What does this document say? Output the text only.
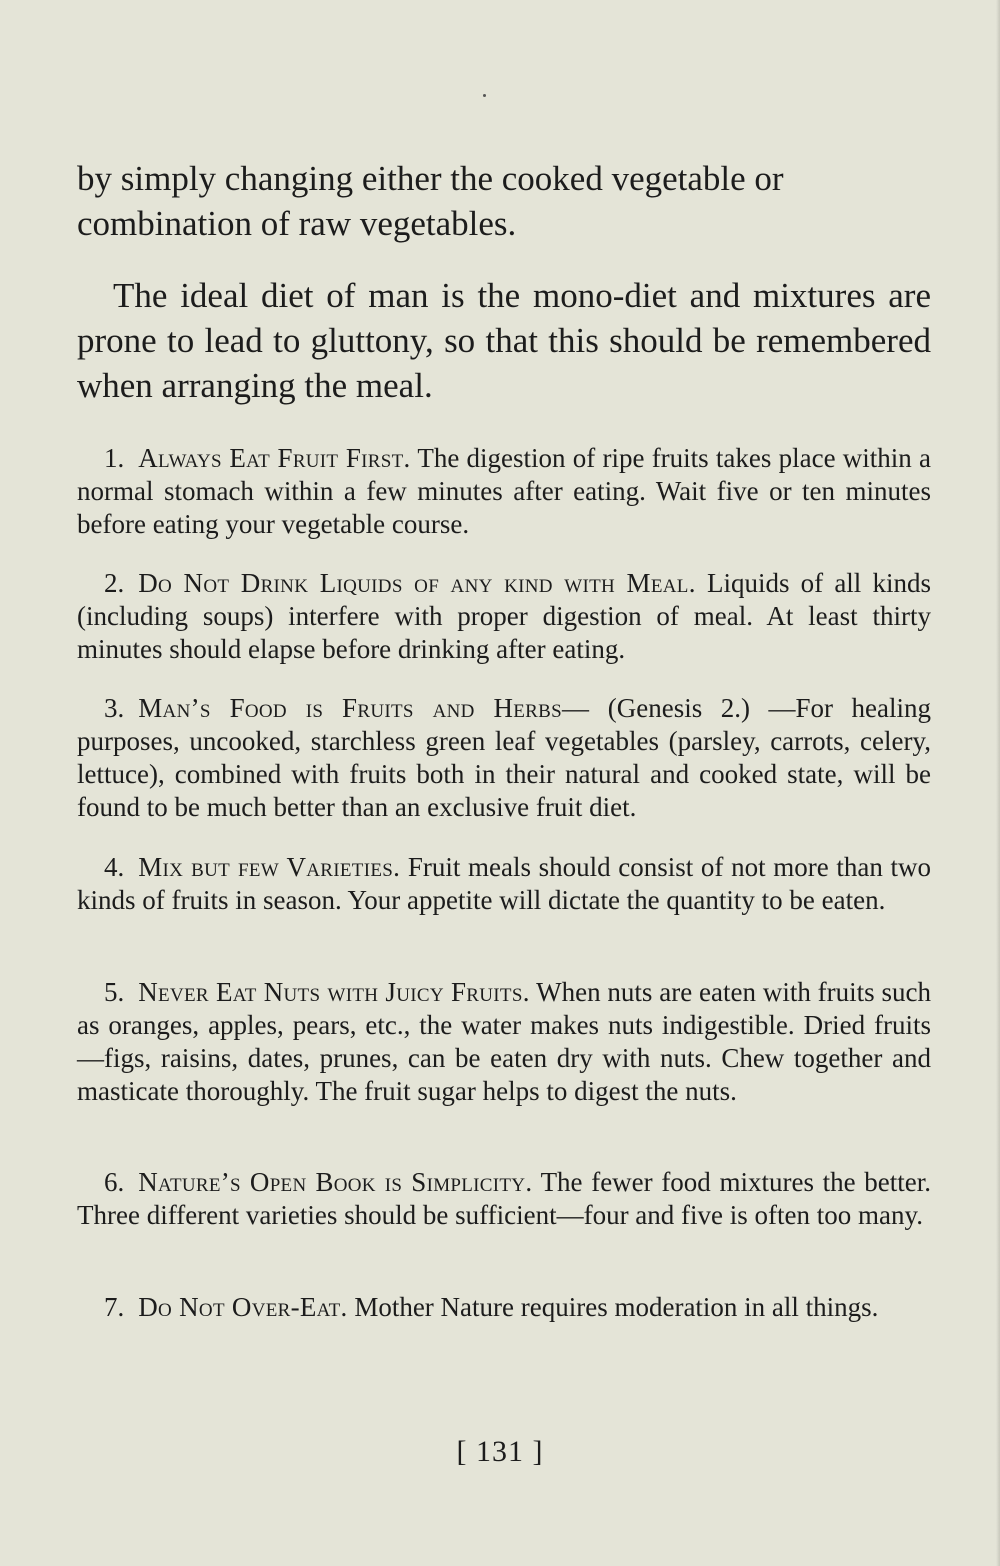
by simply changing either the cooked vegetable or combination of raw vegetables.

The ideal diet of man is the mono-diet and mixtures are prone to lead to gluttony, so that this should be remembered when arranging the meal.

1. Always Eat Fruit First. The digestion of ripe fruits takes place within a normal stomach within a few minutes after eating. Wait five or ten minutes before eating your vegetable course.

2. Do Not Drink Liquids of any kind with Meal. Liquids of all kinds (including soups) interfere with proper digestion of meal. At least thirty minutes should elapse before drinking after eating.

3. Man’s Food is Fruits and Herbs— (Genesis 2.) —For healing purposes, uncooked, starchless green leaf vegetables (parsley, carrots, celery, lettuce), combined with fruits both in their natural and cooked state, will be found to be much better than an exclusive fruit diet.

4. Mix but few Varieties. Fruit meals should consist of not more than two kinds of fruits in season. Your appetite will dictate the quantity to be eaten.

5. Never Eat Nuts with Juicy Fruits. When nuts are eaten with fruits such as oranges, apples, pears, etc., the water makes nuts indigestible. Dried fruits—figs, raisins, dates, prunes, can be eaten dry with nuts. Chew together and masticate thoroughly. The fruit sugar helps to digest the nuts.

6. Nature’s Open Book is Simplicity. The fewer food mixtures the better. Three different varieties should be sufficient—four and five is often too many.

7. Do Not Over-Eat. Mother Nature requires moderation in all things.

[ 131 ]
